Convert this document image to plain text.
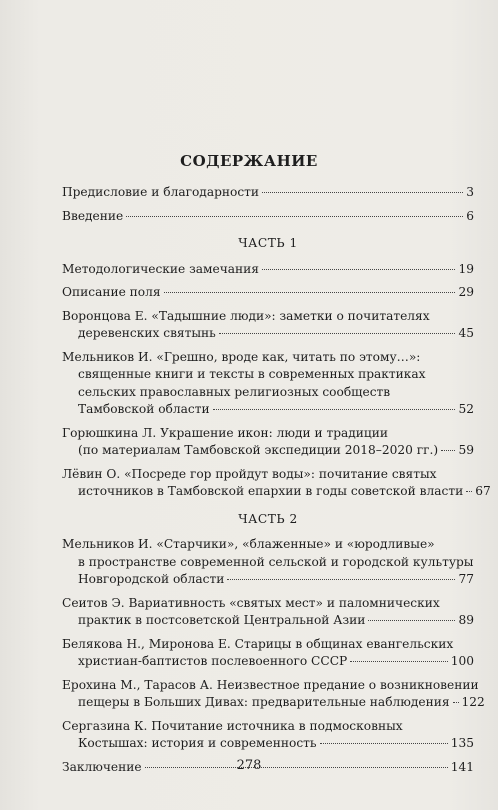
СОДЕРЖАНИЕ
Предисловие и благодарности	3
Введение	6
ЧАСТЬ 1
Методологические замечания	19
Описание поля	29
Воронцова Е. «Тадышние люди»: заметки о почитателях
деревенских святынь	45
Мельников И. «Грешно, вроде как, читать по этому…»:
священные книги и тексты в современных практиках
сельских православных религиозных сообществ
Тамбовской области	52
Горюшкина Л. Украшение икон: люди и традиции
(по материалам Тамбовской экспедиции 2018–2020 гг.) 59
Лёвин О. «Посреде гор пройдут воды»: почитание святых
источников в Тамбовской епархии в годы советской власти 67
ЧАСТЬ 2
Мельников И. «Старчики», «блаженные» и «юродливые»
в пространстве современной сельской и городской культуры
Новгородской области	77
Сеитов Э. Вариативность «святых мест» и паломнических
практик в постсоветской Центральной Азии	89
Белякова Н., Миронова Е. Старицы в общинах евангельских
христиан-баптистов послевоенного СССР	100
Ерохина М., Тарасов А. Неизвестное предание о возникновении
пещеры в Больших Дивах: предварительные наблюдения 122
Сергазина К. Почитание источника в подмосковных
Костышах: история и современность	135
Заключение	141
278
